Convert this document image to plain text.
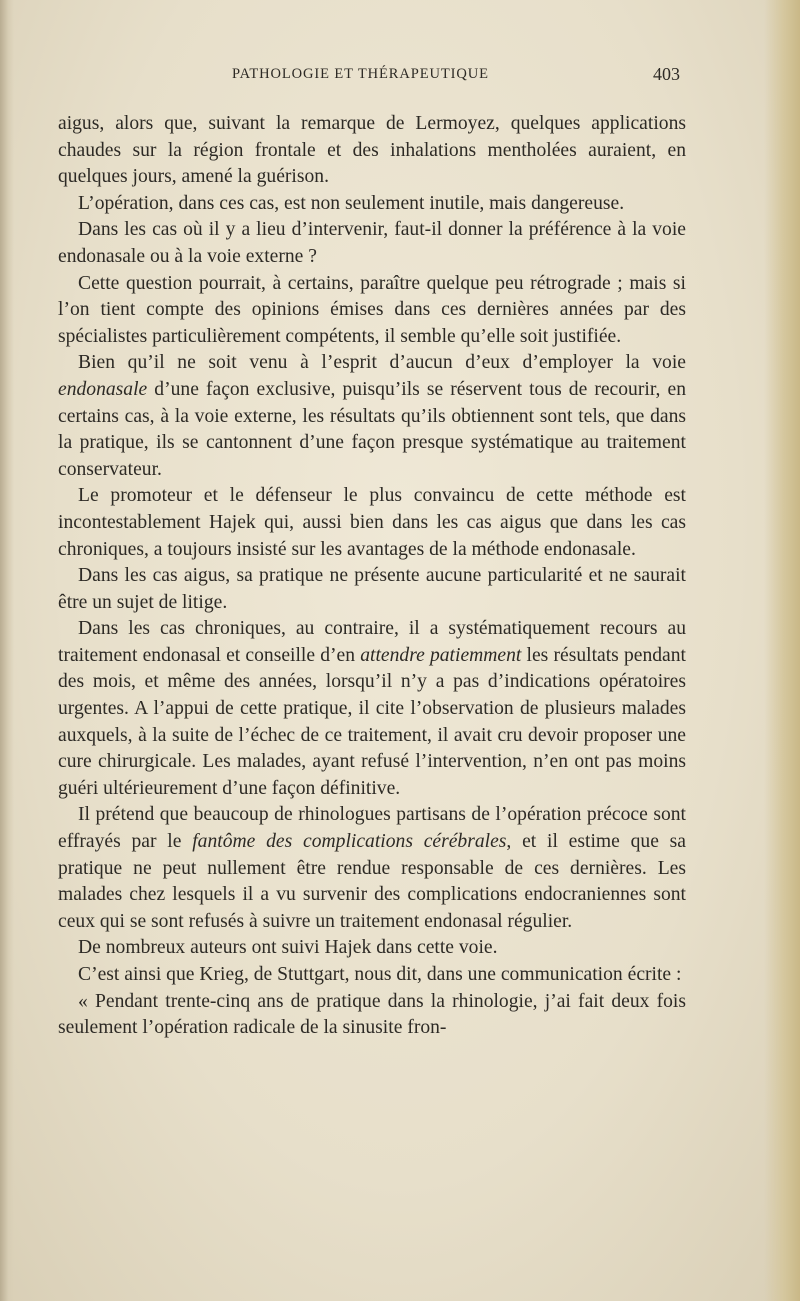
PATHOLOGIE ET THÉRAPEUTIQUE	403

aigus, alors que, suivant la remarque de Lermoyez, quelques applications chaudes sur la région frontale et des inhalations mentholées auraient, en quelques jours, amené la guérison.

L’opération, dans ces cas, est non seulement inutile, mais dangereuse.

Dans les cas où il y a lieu d’intervenir, faut-il donner la préférence à la voie endonasale ou à la voie externe ?

Cette question pourrait, à certains, paraître quelque peu rétrograde ; mais si l’on tient compte des opinions émises dans ces dernières années par des spécialistes particulièrement compétents, il semble qu’elle soit justifiée.

Bien qu’il ne soit venu à l’esprit d’aucun d’eux d’employer la voie endonasale d’une façon exclusive, puisqu’ils se réservent tous de recourir, en certains cas, à la voie externe, les résultats qu’ils obtiennent sont tels, que dans la pratique, ils se cantonnent d’une façon presque systématique au traitement conservateur.

Le promoteur et le défenseur le plus convaincu de cette méthode est incontestablement Hajek qui, aussi bien dans les cas aigus que dans les cas chroniques, a toujours insisté sur les avantages de la méthode endonasale.

Dans les cas aigus, sa pratique ne présente aucune particularité et ne saurait être un sujet de litige.

Dans les cas chroniques, au contraire, il a systématiquement recours au traitement endonasal et conseille d’en attendre patiemment les résultats pendant des mois, et même des années, lorsqu’il n’y a pas d’indications opératoires urgentes. A l’appui de cette pratique, il cite l’observation de plusieurs malades auxquels, à la suite de l’échec de ce traitement, il avait cru devoir proposer une cure chirurgicale. Les malades, ayant refusé l’intervention, n’en ont pas moins guéri ultérieurement d’une façon définitive.

Il prétend que beaucoup de rhinologues partisans de l’opération précoce sont effrayés par le fantôme des complications cérébrales, et il estime que sa pratique ne peut nullement être rendue responsable de ces dernières. Les malades chez lesquels il a vu survenir des complications endocraniennes sont ceux qui se sont refusés à suivre un traitement endonasal régulier.

De nombreux auteurs ont suivi Hajek dans cette voie.

C’est ainsi que Krieg, de Stuttgart, nous dit, dans une communication écrite :

« Pendant trente-cinq ans de pratique dans la rhinologie, j’ai fait deux fois seulement l’opération radicale de la sinusite fron-
